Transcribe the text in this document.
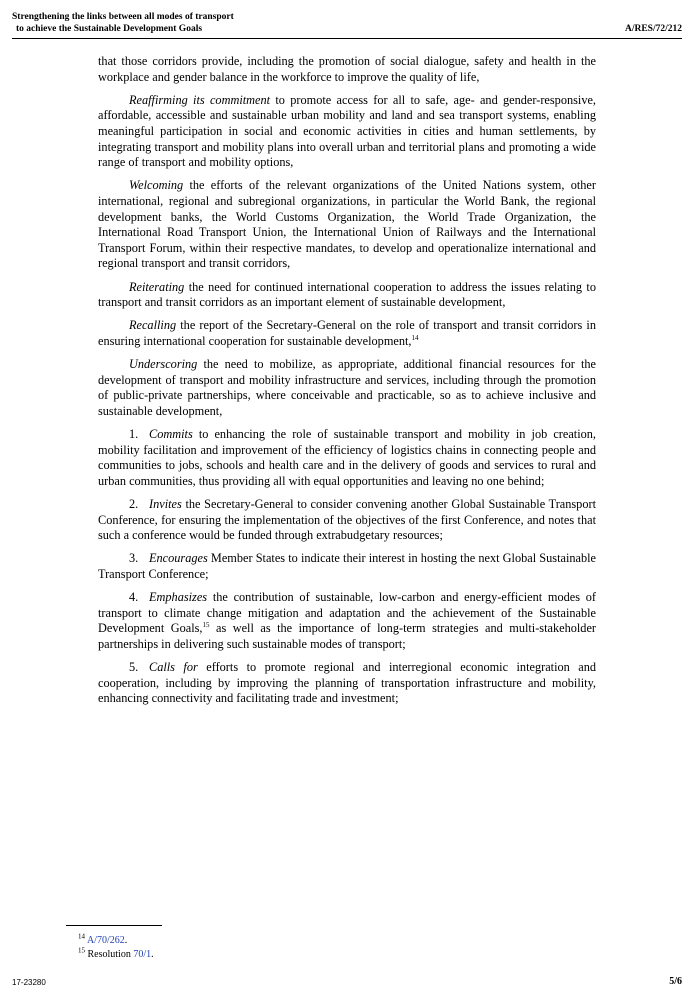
Strengthening the links between all modes of transport
to achieve the Sustainable Development Goals	A/RES/72/212

that those corridors provide, including the promotion of social dialogue, safety and health in the workplace and gender balance in the workforce to improve the quality of life,

Reaffirming its commitment to promote access for all to safe, age- and gender-responsive, affordable, accessible and sustainable urban mobility and land and sea transport systems, enabling meaningful participation in social and economic activities in cities and human settlements, by integrating transport and mobility plans into overall urban and territorial plans and promoting a wide range of transport and mobility options,

Welcoming the efforts of the relevant organizations of the United Nations system, other international, regional and subregional organizations, in particular the World Bank, the regional development banks, the World Customs Organization, the World Trade Organization, the International Road Transport Union, the International Union of Railways and the International Transport Forum, within their respective mandates, to develop and operationalize international and regional transport and transit corridors,

Reiterating the need for continued international cooperation to address the issues relating to transport and transit corridors as an important element of sustainable development,

Recalling the report of the Secretary-General on the role of transport and transit corridors in ensuring international cooperation for sustainable development,$^{14}$

Underscoring the need to mobilize, as appropriate, additional financial resources for the development of transport and mobility infrastructure and services, including through the promotion of public-private partnerships, where conceivable and practicable, so as to achieve inclusive and sustainable development,

1. Commits to enhancing the role of sustainable transport and mobility in job creation, mobility facilitation and improvement of the efficiency of logistics chains in connecting people and communities to jobs, schools and health care and in the delivery of goods and services to rural and urban communities, thus providing all with equal opportunities and leaving no one behind;

2. Invites the Secretary-General to consider convening another Global Sustainable Transport Conference, for ensuring the implementation of the objectives of the first Conference, and notes that such a conference would be funded through extrabudgetary resources;

3. Encourages Member States to indicate their interest in hosting the next Global Sustainable Transport Conference;

4. Emphasizes the contribution of sustainable, low-carbon and energy-efficient modes of transport to climate change mitigation and adaptation and the achievement of the Sustainable Development Goals,$^{15}$ as well as the importance of long-term strategies and multi-stakeholder partnerships in delivering such sustainable modes of transport;

5. Calls for efforts to promote regional and interregional economic integration and cooperation, including by improving the planning of transportation infrastructure and mobility, enhancing connectivity and facilitating trade and investment;

$^{14}$ A/70/262.
$^{15}$ Resolution 70/1.
17-23280	5/6
